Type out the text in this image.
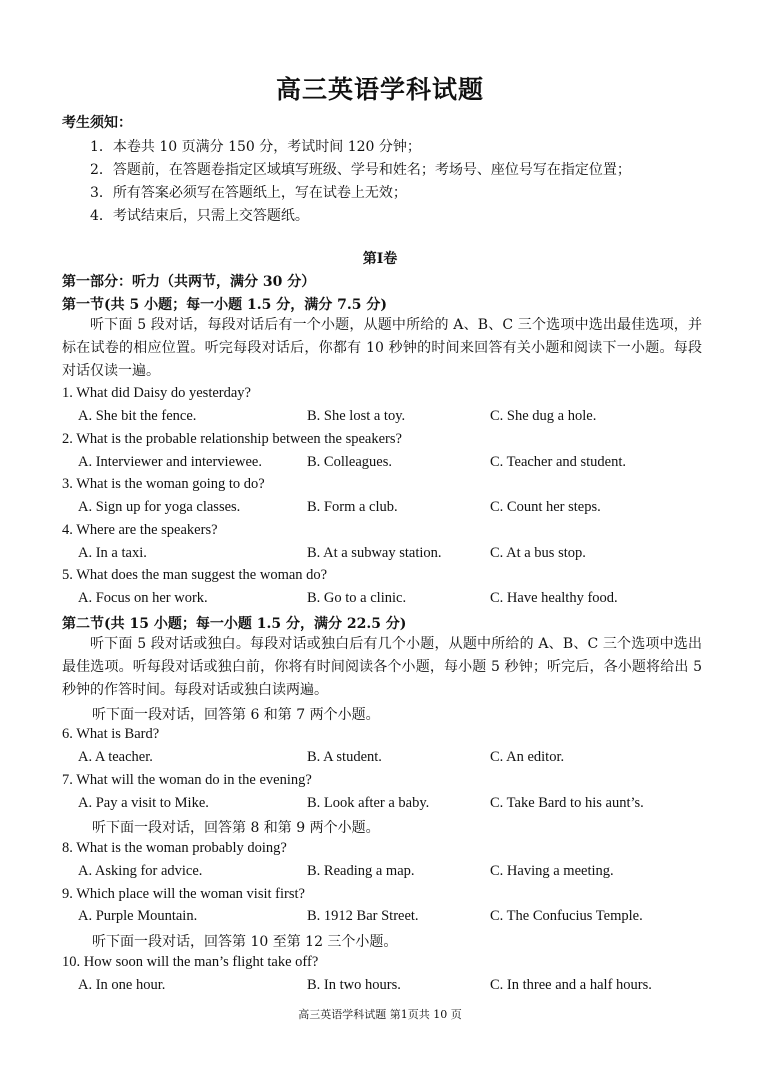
高三英语学科试题
考生须知：
1．本卷共 10 页满分 150 分，考试时间 120 分钟；
2．答题前，在答题卷指定区域填写班级、学号和姓名；考场号、座位号写在指定位置；
3．所有答案必须写在答题纸上，写在试卷上无效；
4．考试结束后，只需上交答题纸。
第Ⅰ卷
第一部分：听力（共两节，满分 30 分）
第一节(共 5 小题；每一小题 1.5 分，满分 7.5 分)
听下面 5 段对话，每段对话后有一个小题，从题中所给的 A、B、C 三个选项中选出最佳选项，并标在试卷的相应位置。听完每段对话后，你都有 10 秒钟的时间来回答有关小题和阅读下一小题。每段对话仅读一遍。
1. What did Daisy do yesterday?
A. She bit the fence.	B. She lost a toy.	C. She dug a hole.
2. What is the probable relationship between the speakers?
A. Interviewer and interviewee.	B. Colleagues.	C. Teacher and student.
3. What is the woman going to do?
A. Sign up for yoga classes.	B. Form a club.	C. Count her steps.
4. Where are the speakers?
A. In a taxi.	B. At a subway station.	C. At a bus stop.
5. What does the man suggest the woman do?
A. Focus on her work.	B. Go to a clinic.	C. Have healthy food.
第二节(共 15 小题；每一小题 1.5 分，满分 22.5 分)
听下面 5 段对话或独白。每段对话或独白后有几个小题，从题中所给的 A、B、C 三个选项中选出最佳选项。听每段对话或独白前，你将有时间阅读各个小题，每小题 5 秒钟；听完后，各小题将给出 5 秒钟的作答时间。每段对话或独白读两遍。
听下面一段对话，回答第 6 和第 7 两个小题。
6. What is Bard?
A. A teacher.	B. A student.	C. An editor.
7. What will the woman do in the evening?
A. Pay a visit to Mike.	B. Look after a baby.	C. Take Bard to his aunt’s.
听下面一段对话，回答第 8 和第 9 两个小题。
8. What is the woman probably doing?
A. Asking for advice.	B. Reading a map.	C. Having a meeting.
9. Which place will the woman visit first?
A. Purple Mountain.	B. 1912 Bar Street.	C. The Confucius Temple.
听下面一段对话，回答第 10 至第 12 三个小题。
10. How soon will the man’s flight take off?
A. In one hour.	B. In two hours.	C. In three and a half hours.
高三英语学科试题 第1页共 10 页
